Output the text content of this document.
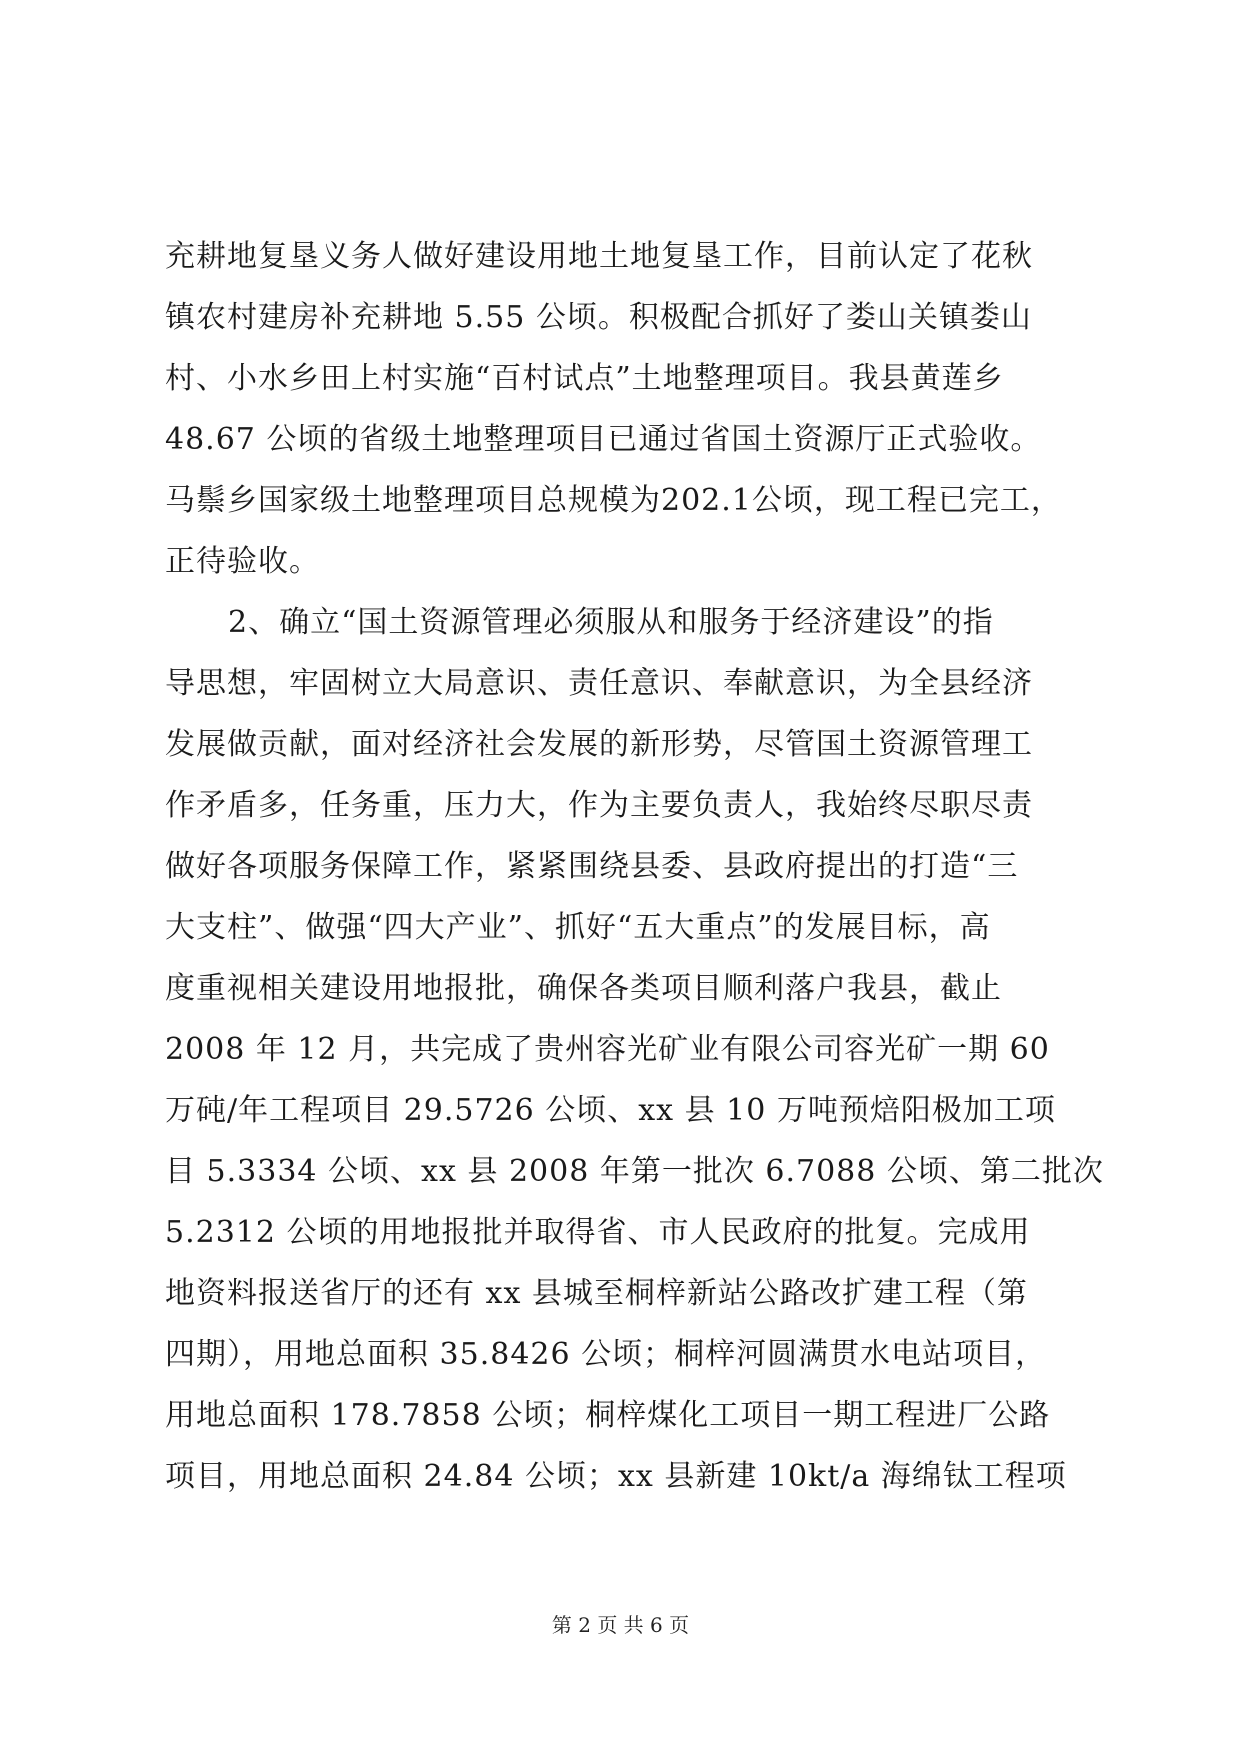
充耕地复垦义务人做好建设用地土地复垦工作，目前认定了花秋
镇农村建房补充耕地 5.55 公顷。积极配合抓好了娄山关镇娄山
村、小水乡田上村实施“百村试点”土地整理项目。我县黄莲乡
48.67 公顷的省级土地整理项目已通过省国土资源厅正式验收。
马鬃乡国家级土地整理项目总规模为202.1公顷，现工程已完工，
正待验收。
2、确立“国土资源管理必须服从和服务于经济建设”的指
导思想，牢固树立大局意识、责任意识、奉献意识，为全县经济
发展做贡献，面对经济社会发展的新形势，尽管国土资源管理工
作矛盾多，任务重，压力大，作为主要负责人，我始终尽职尽责
做好各项服务保障工作，紧紧围绕县委、县政府提出的打造“三
大支柱”、做强“四大产业”、抓好“五大重点”的发展目标，高
度重视相关建设用地报批，确保各类项目顺利落户我县，截止
2008 年 12 月，共完成了贵州容光矿业有限公司容光矿一期 60
万砘/年工程项目 29.5726 公顷、xx 县 10 万吨预焙阳极加工项
目 5.3334 公顷、xx 县 2008 年第一批次 6.7088 公顷、第二批次
5.2312 公顷的用地报批并取得省、市人民政府的批复。完成用
地资料报送省厅的还有 xx 县城至桐梓新站公路改扩建工程（第
四期），用地总面积 35.8426 公顷；桐梓河圆满贯水电站项目，
用地总面积 178.7858 公顷；桐梓煤化工项目一期工程进厂公路
项目，用地总面积 24.84 公顷；xx 县新建 10kt/a 海绵钛工程项
第 2 页 共 6 页
